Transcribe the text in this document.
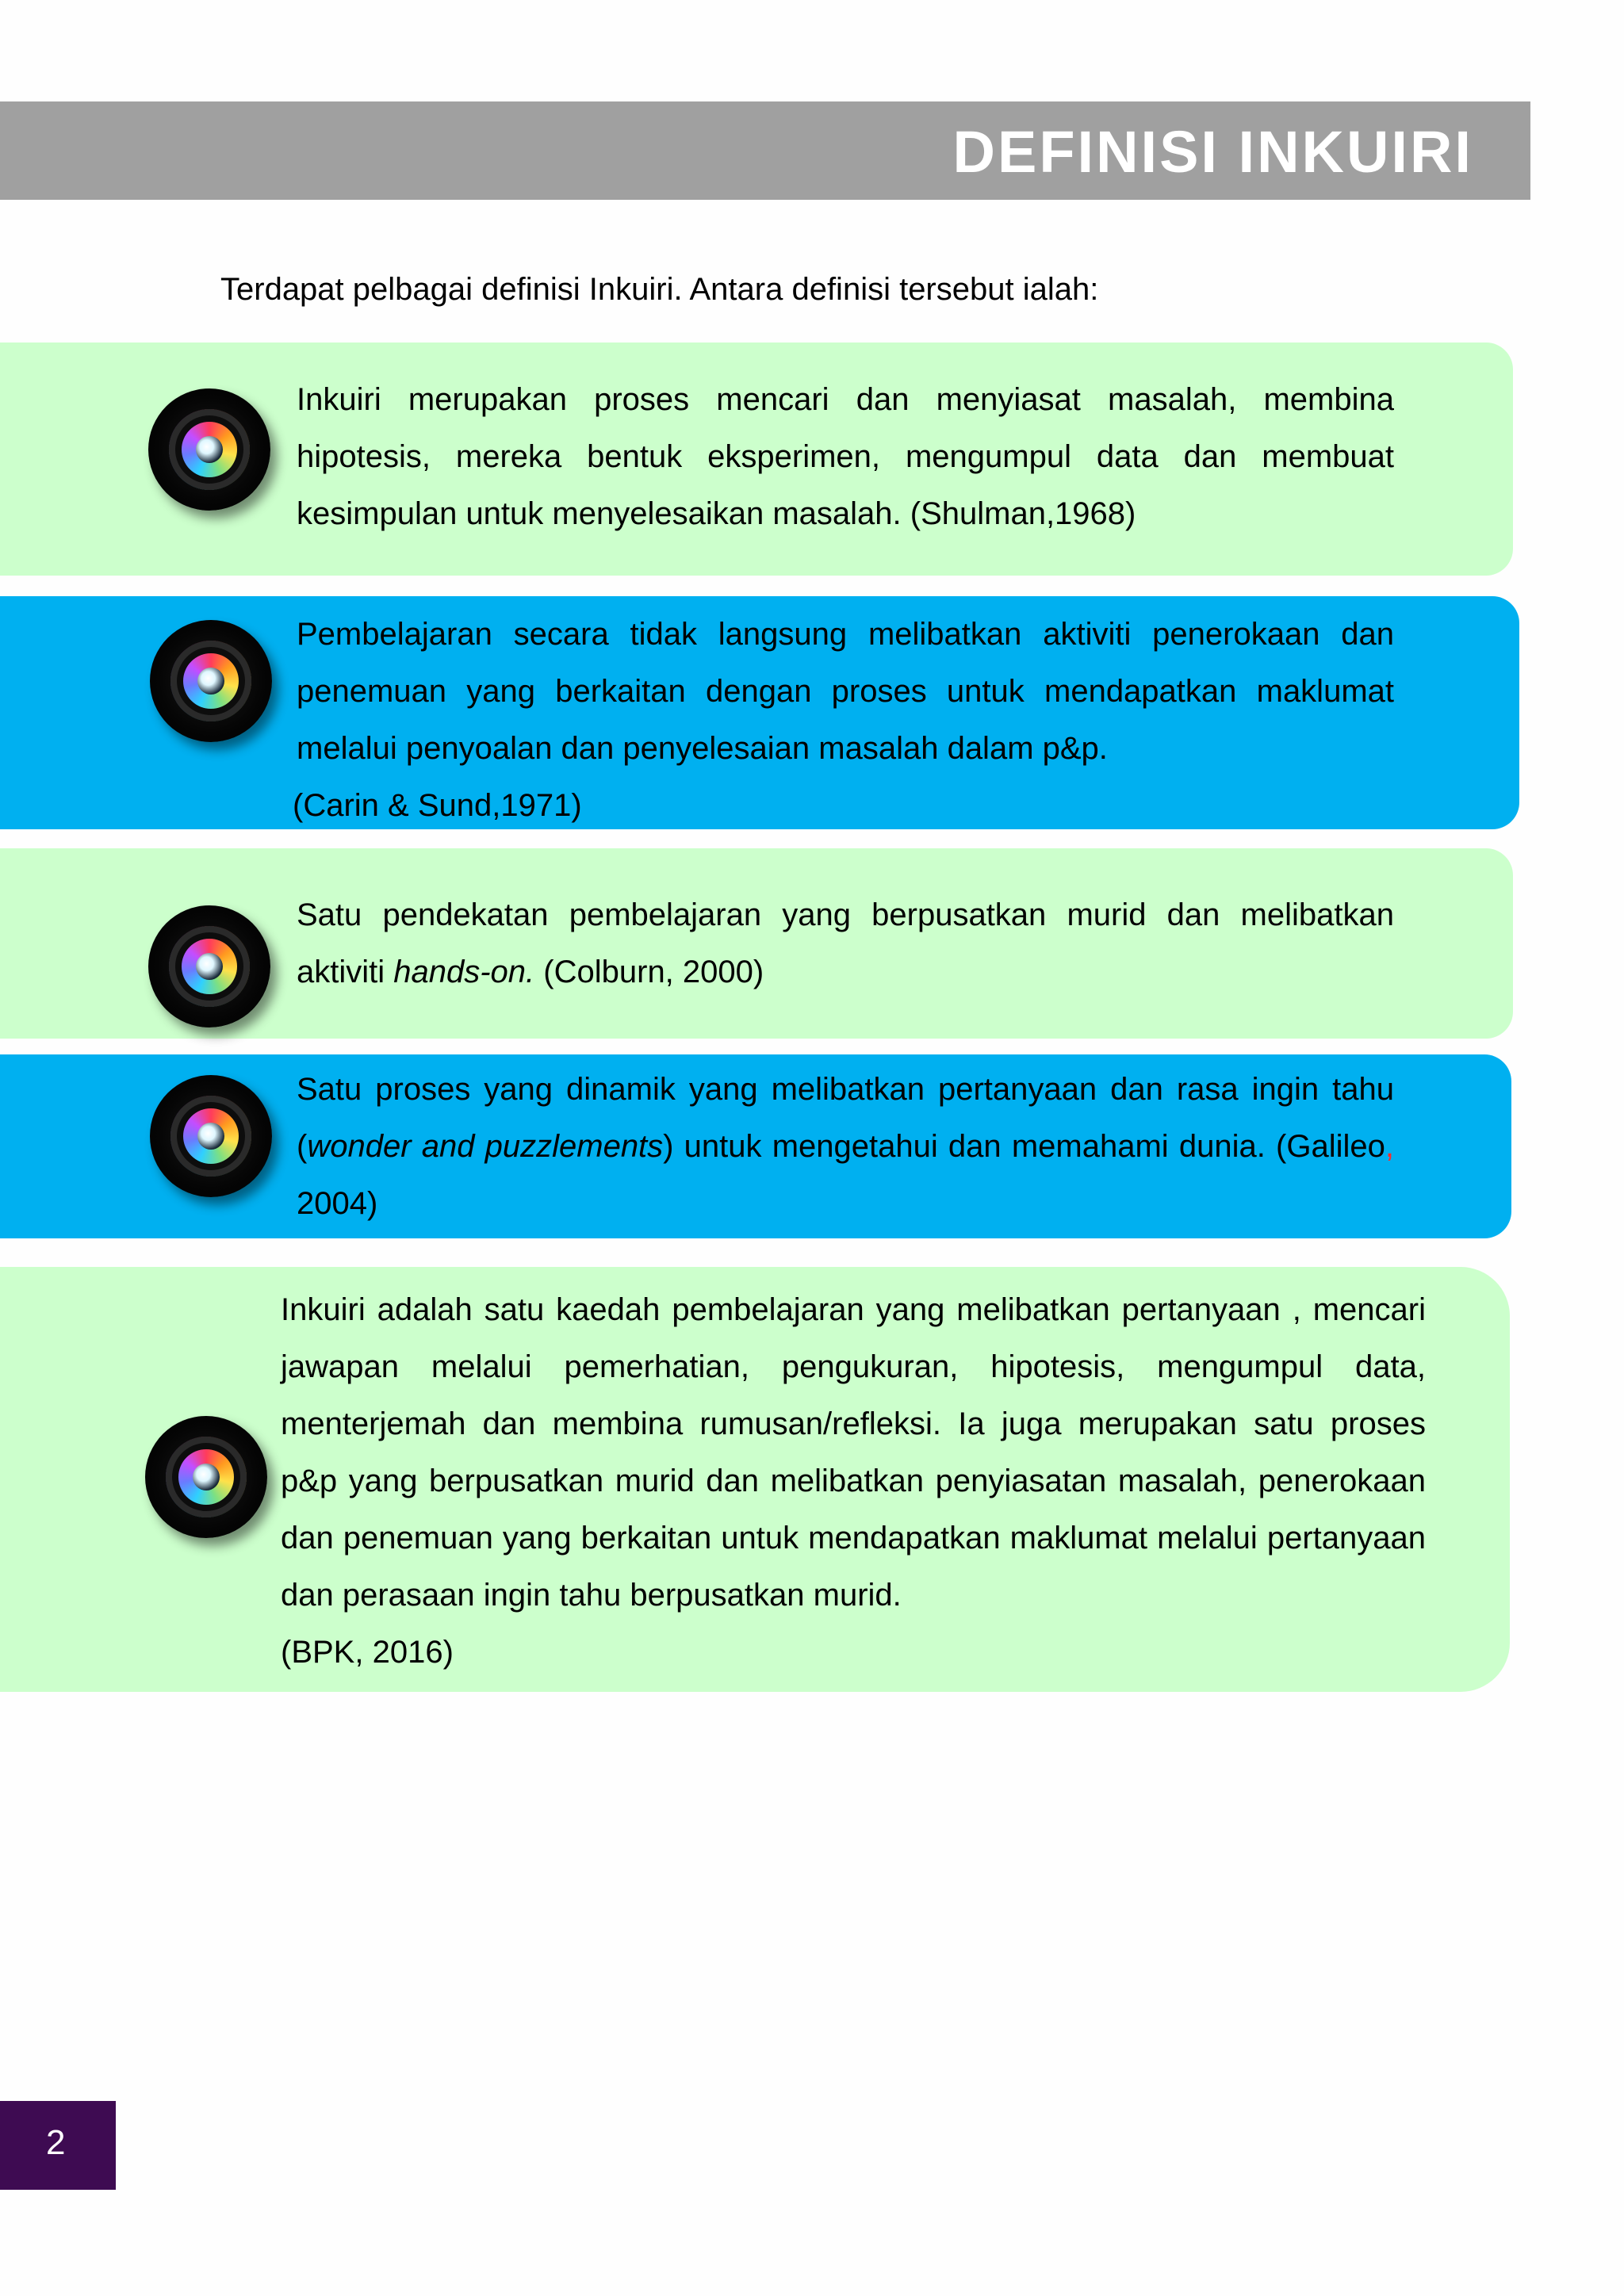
DEFINISI INKUIRI
Terdapat pelbagai definisi Inkuiri. Antara definisi tersebut ialah:

Inkuiri merupakan proses mencari dan menyiasat masalah, membina hipotesis, mereka bentuk eksperimen, mengumpul data dan membuat kesimpulan untuk menyelesaikan masalah. (Shulman,1968)

Pembelajaran secara tidak langsung melibatkan aktiviti penerokaan dan penemuan yang berkaitan dengan proses untuk mendapatkan maklumat melalui penyoalan dan penyelesaian masalah dalam p&p.

(Carin & Sund,1971)

Satu pendekatan pembelajaran yang berpusatkan murid dan melibatkan aktiviti hands-on. (Colburn, 2000)

Satu proses yang dinamik yang melibatkan pertanyaan dan rasa ingin tahu (wonder and puzzlements) untuk mengetahui dan memahami dunia. (Galileo, 2004)

Inkuiri adalah satu kaedah pembelajaran yang melibatkan pertanyaan , mencari jawapan melalui pemerhatian, pengukuran, hipotesis, mengumpul data, menterjemah dan membina rumusan/refleksi. Ia juga merupakan satu proses p&p yang berpusatkan murid dan melibatkan penyiasatan masalah, penerokaan dan penemuan yang berkaitan untuk mendapatkan maklumat melalui pertanyaan dan perasaan ingin tahu berpusatkan murid.

(BPK, 2016)

2
